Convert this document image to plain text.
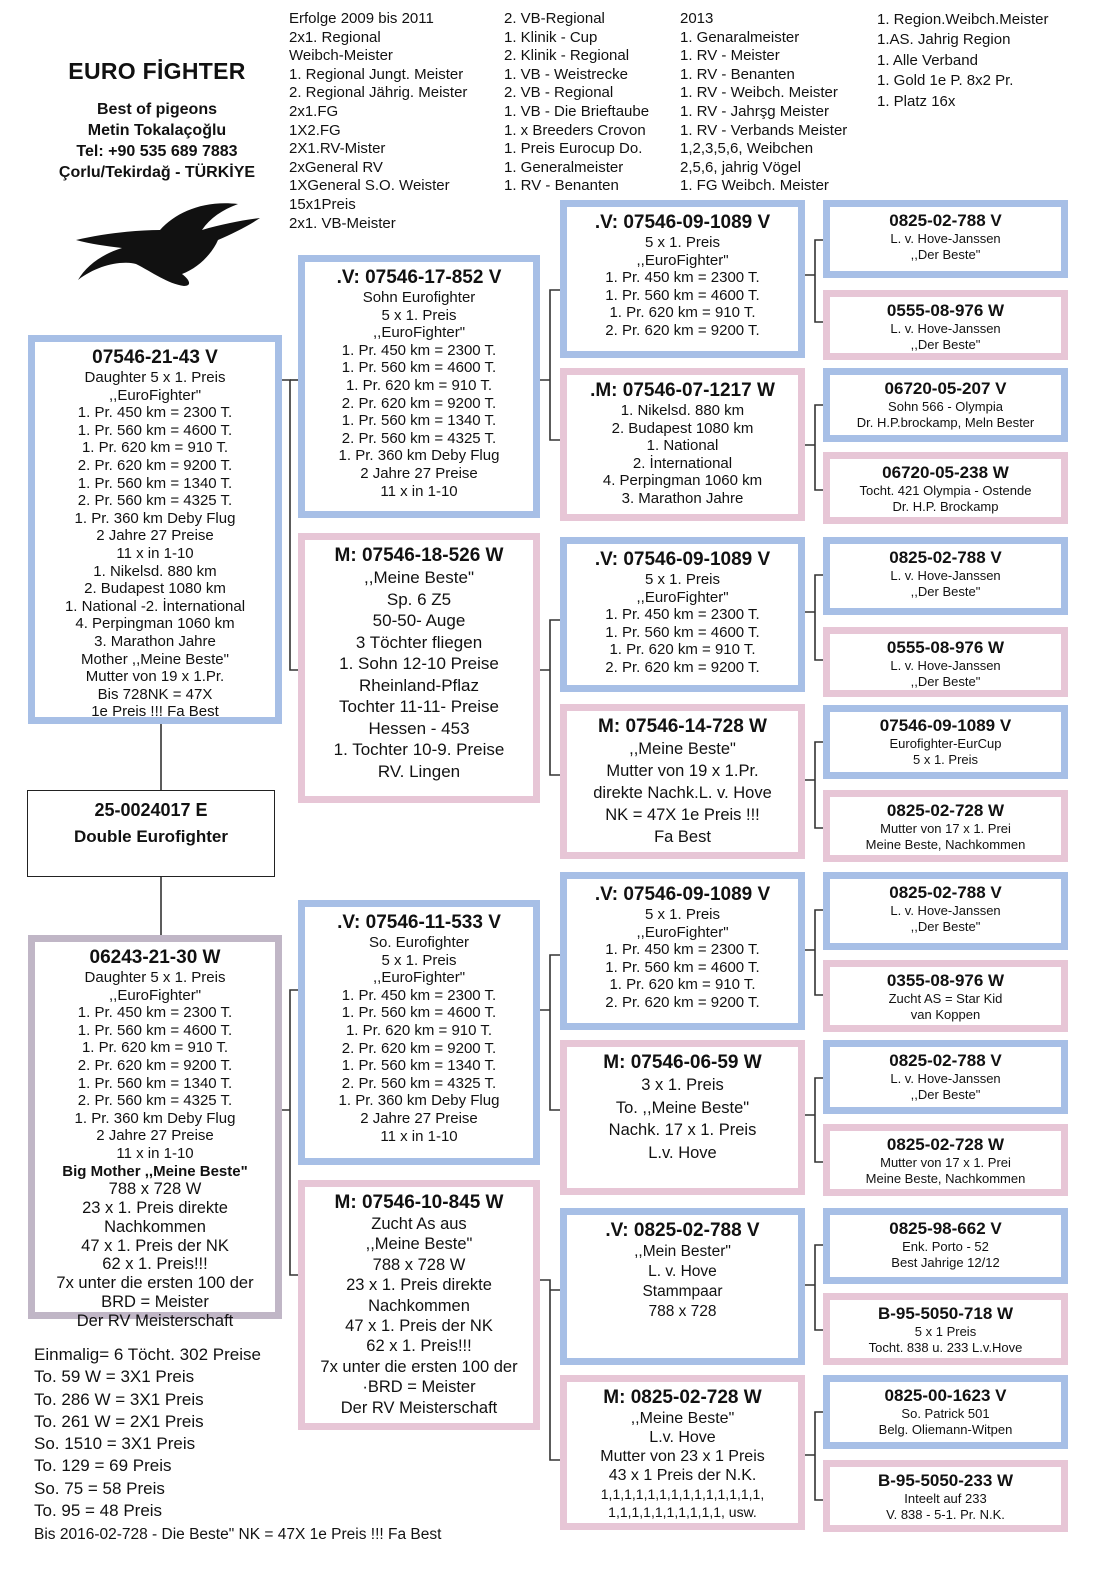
EURO FİGHTER
Best of pigeons
Metin Tokalaçoğlu
Tel: +90 535 689 7883
Çorlu/Tekirdağ - TÜRKİYE
Erfolge 2009 bis 2011
2x1. Regional
Weibch-Meister
1. Regional Jungt. Meister
2. Regional Jährig. Meister
2x1.FG
1X2.FG
2X1.RV-Mister
2xGeneral RV
1XGeneral S.O. Weister
15x1Preis
2x1. VB-Meister
2. VB-Regional
1. Klinik - Cup
2. Klinik - Regional
1. VB - Weistrecke
2. VB - Regional
1. VB - Die Brieftaube
1. x Breeders Crovon
1. Preis Eurocup Do.
1. Generalmeister
1. RV - Benanten
2013
1. Genaralmeister
1. RV - Meister
1. RV - Benanten
1. RV - Weibch. Meister
1. RV - Jahrşg Meister
1. RV - Verbands Meister
1,2,3,5,6, Weibchen
2,5,6, jahrig Vögel
1. FG Weibch. Meister
1. Region.Weibch.Meister
1.AS. Jahrig Region
1. Alle Verband
1. Gold 1e P. 8x2 Pr.
1. Platz 16x
07546-21-43 V
Daughter 5 x 1. Preis
,,EuroFighter"
1. Pr. 450 km = 2300 T.
1. Pr. 560 km = 4600 T.
1. Pr. 620 km = 910 T.
2. Pr. 620 km = 9200 T.
1. Pr. 560 km = 1340 T.
2. Pr. 560 km = 4325 T.
1. Pr. 360 km Deby Flug
2 Jahre 27 Preise
11 x in 1-10
1. Nikelsd. 880 km
2. Budapest 1080 km
1. National -2. İnternational
4. Perpingman 1060 km
3. Marathon Jahre
Mother ,,Meine Beste"
Mutter von 19 x 1.Pr.
Bis 728NK = 47X
1e Preis !!! Fa Best
25-0024017 E
Double Eurofighter
06243-21-30 W
Daughter 5 x 1. Preis
,,EuroFighter"
1. Pr. 450 km = 2300 T.
1. Pr. 560 km = 4600 T.
1. Pr. 620 km = 910 T.
2. Pr. 620 km = 9200 T.
1. Pr. 560 km = 1340 T.
2. Pr. 560 km = 4325 T.
1. Pr. 360 km Deby Flug
2 Jahre 27 Preise
11 x in 1-10
Big Mother ,,Meine Beste"
788 x 728 W
23 x 1. Preis direkte
Nachkommen
47 x 1. Preis der NK
62 x 1. Preis!!!
7x unter die ersten 100 der
BRD = Meister
Der RV Meisterschaft
.V: 07546-17-852 V
Sohn Eurofighter
5 x 1. Preis
,,EuroFighter"
1. Pr. 450 km = 2300 T.
1. Pr. 560 km = 4600 T.
1. Pr. 620 km = 910 T.
2. Pr. 620 km = 9200 T.
1. Pr. 560 km = 1340 T.
2. Pr. 560 km = 4325 T.
1. Pr. 360 km Deby Flug
2 Jahre 27 Preise
11 x in 1-10
M: 07546-18-526 W
,,Meine Beste"
Sp. 6 Z5
50-50- Auge
3 Töchter fliegen
1. Sohn 12-10 Preise
Rheinland-Pflaz
Tochter 11-11- Preise
Hessen - 453
1. Tochter 10-9. Preise
RV. Lingen
.V: 07546-11-533 V
So. Eurofighter
5 x 1. Preis
,,EuroFighter"
1. Pr. 450 km = 2300 T.
1. Pr. 560 km = 4600 T.
1. Pr. 620 km = 910 T.
2. Pr. 620 km = 9200 T.
1. Pr. 560 km = 1340 T.
2. Pr. 560 km = 4325 T.
1. Pr. 360 km Deby Flug
2 Jahre 27 Preise
11 x in 1-10
M: 07546-10-845 W
Zucht As aus
,,Meine Beste"
788 x 728 W
23 x 1. Preis direkte
Nachkommen
47 x 1. Preis der NK
62 x 1. Preis!!!
7x unter die ersten 100 der
·BRD = Meister
Der RV Meisterschaft
.V: 07546-09-1089 V
5 x 1. Preis
,,EuroFighter"
1. Pr. 450 km = 2300 T.
1. Pr. 560 km = 4600 T.
1. Pr. 620 km = 910 T.
2. Pr. 620 km = 9200 T.
.M: 07546-07-1217 W
1. Nikelsd. 880 km
2. Budapest 1080 km
1. National
2. İnternational
4. Perpingman 1060 km
3. Marathon Jahre
.V: 07546-09-1089 V
5 x 1. Preis
,,EuroFighter"
1. Pr. 450 km = 2300 T.
1. Pr. 560 km = 4600 T.
1. Pr. 620 km = 910 T.
2. Pr. 620 km = 9200 T.
M: 07546-14-728 W
,,Meine Beste"
Mutter von 19 x 1.Pr.
direkte Nachk.L. v. Hove
NK = 47X 1e Preis !!!
Fa Best
.V: 07546-09-1089 V
5 x 1. Preis
,,EuroFighter"
1. Pr. 450 km = 2300 T.
1. Pr. 560 km = 4600 T.
1. Pr. 620 km = 910 T.
2. Pr. 620 km = 9200 T.
M: 07546-06-59 W
3 x 1. Preis
To. ,,Meine Beste"
Nachk. 17 x 1. Preis
L.v. Hove
.V: 0825-02-788 V
,,Mein Bester"
L. v. Hove
Stammpaar
788 x 728
M: 0825-02-728 W
,,Meine Beste"
L.v. Hove
Mutter von 23 x 1 Preis
43 x 1 Preis der N.K.
1,1,1,1,1,1,1,1,1,1,1,1,1,1,
1,1,1,1,1,1,1,1,1,1, usw.
0825-02-788 V
L. v. Hove-Janssen
,,Der Beste"
0555-08-976 W
L. v. Hove-Janssen
,,Der Beste"
06720-05-207 V
Sohn 566 - Olympia
Dr. H.P.brockamp, Meln Bester
06720-05-238 W
Tocht. 421 Olympia - Ostende
Dr. H.P. Brockamp
0825-02-788 V
L. v. Hove-Janssen
,,Der Beste"
0555-08-976 W
L. v. Hove-Janssen
,,Der Beste"
07546-09-1089 V
Eurofighter-EurCup
5 x 1. Preis
0825-02-728 W
Mutter von 17 x 1. Prei
Meine Beste, Nachkommen
0825-02-788 V
L. v. Hove-Janssen
,,Der Beste"
0355-08-976 W
Zucht AS = Star Kid
van Koppen
0825-02-788 V
L. v. Hove-Janssen
,,Der Beste"
0825-02-728 W
Mutter von 17 x 1. Prei
Meine Beste, Nachkommen
0825-98-662 V
Enk. Porto - 52
Best Jahrige 12/12
B-95-5050-718 W
5 x 1 Preis
Tocht. 838 u. 233 L.v.Hove
0825-00-1623 V
So. Patrick 501
Belg. Oliemann-Witpen
B-95-5050-233 W
Inteelt auf 233
V. 838 - 5-1. Pr. N.K.
Einmalig= 6 Töcht. 302 Preise
To. 59 W = 3X1 Preis
To. 286 W = 3X1 Preis
To. 261 W = 2X1 Preis
So. 1510 = 3X1 Preis
To. 129 = 69 Preis
So. 75 = 58 Preis
To. 95 = 48 Preis
Bis 2016-02-728 - Die Beste" NK = 47X 1e Preis !!! Fa Best
